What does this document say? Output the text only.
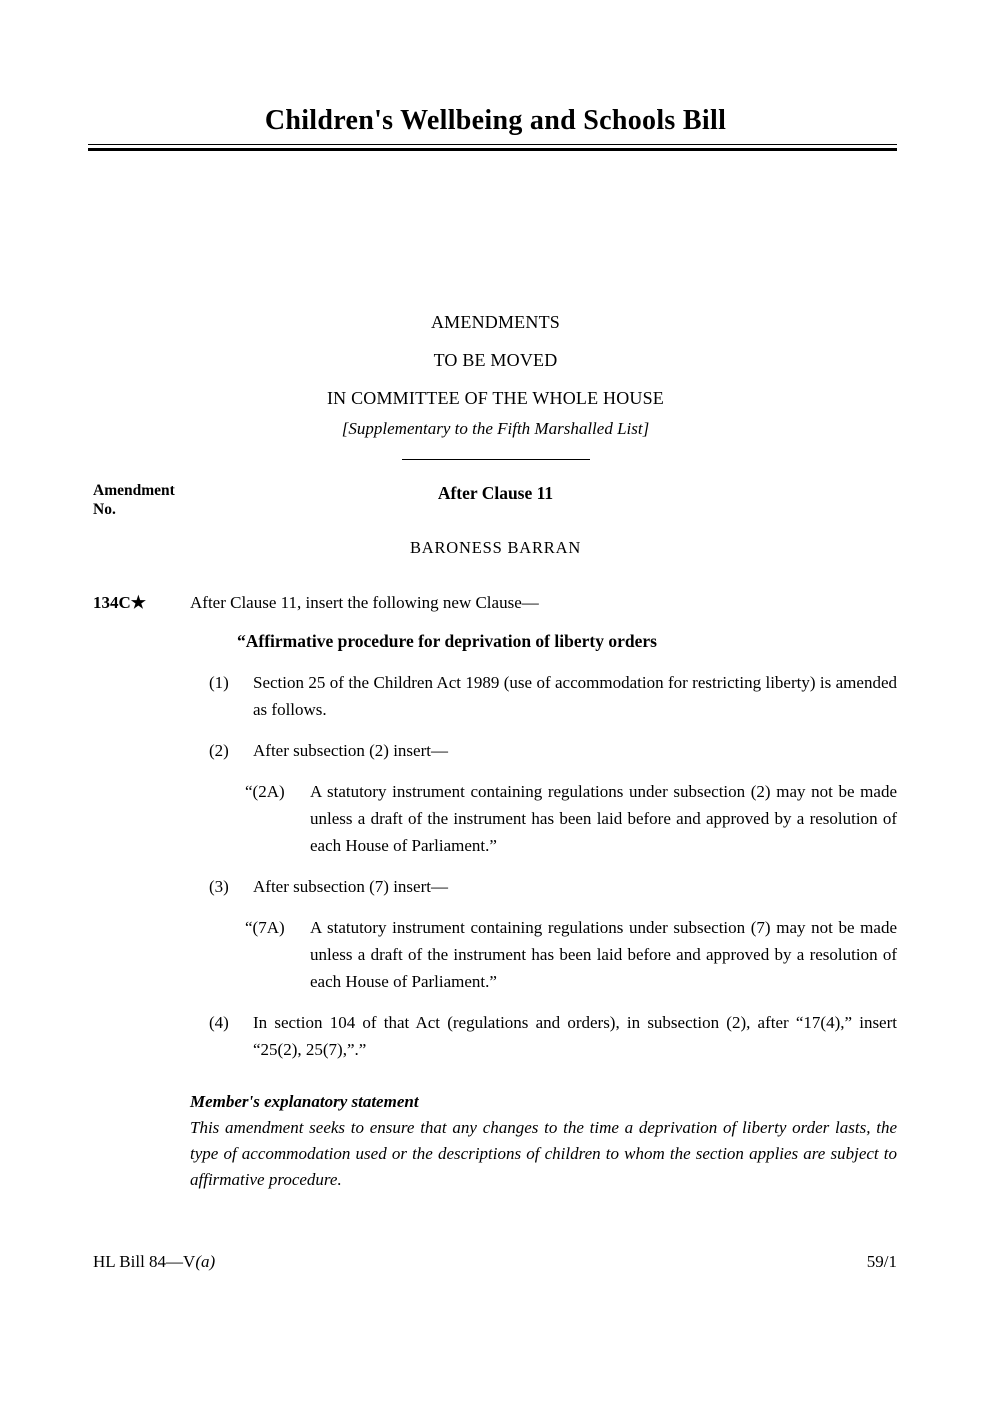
Children's Wellbeing and Schools Bill
AMENDMENTS
TO BE MOVED
IN COMMITTEE OF THE WHOLE HOUSE
[Supplementary to the Fifth Marshalled List]
Amendment
No.
After Clause 11
BARONESS BARRAN
134C★	After Clause 11, insert the following new Clause—
“Affirmative procedure for deprivation of liberty orders
(1)	Section 25 of the Children Act 1989 (use of accommodation for restricting liberty) is amended as follows.
(2)	After subsection (2) insert—
“(2A)	A statutory instrument containing regulations under subsection (2) may not be made unless a draft of the instrument has been laid before and approved by a resolution of each House of Parliament.”
(3)	After subsection (7) insert—
“(7A)	A statutory instrument containing regulations under subsection (7) may not be made unless a draft of the instrument has been laid before and approved by a resolution of each House of Parliament.”
(4)	In section 104 of that Act (regulations and orders), in subsection (2), after “17(4),” insert “25(2), 25(7),”.”
Member's explanatory statement
This amendment seeks to ensure that any changes to the time a deprivation of liberty order lasts, the type of accommodation used or the descriptions of children to whom the section applies are subject to affirmative procedure.
HL Bill 84—V(a)	59/1
